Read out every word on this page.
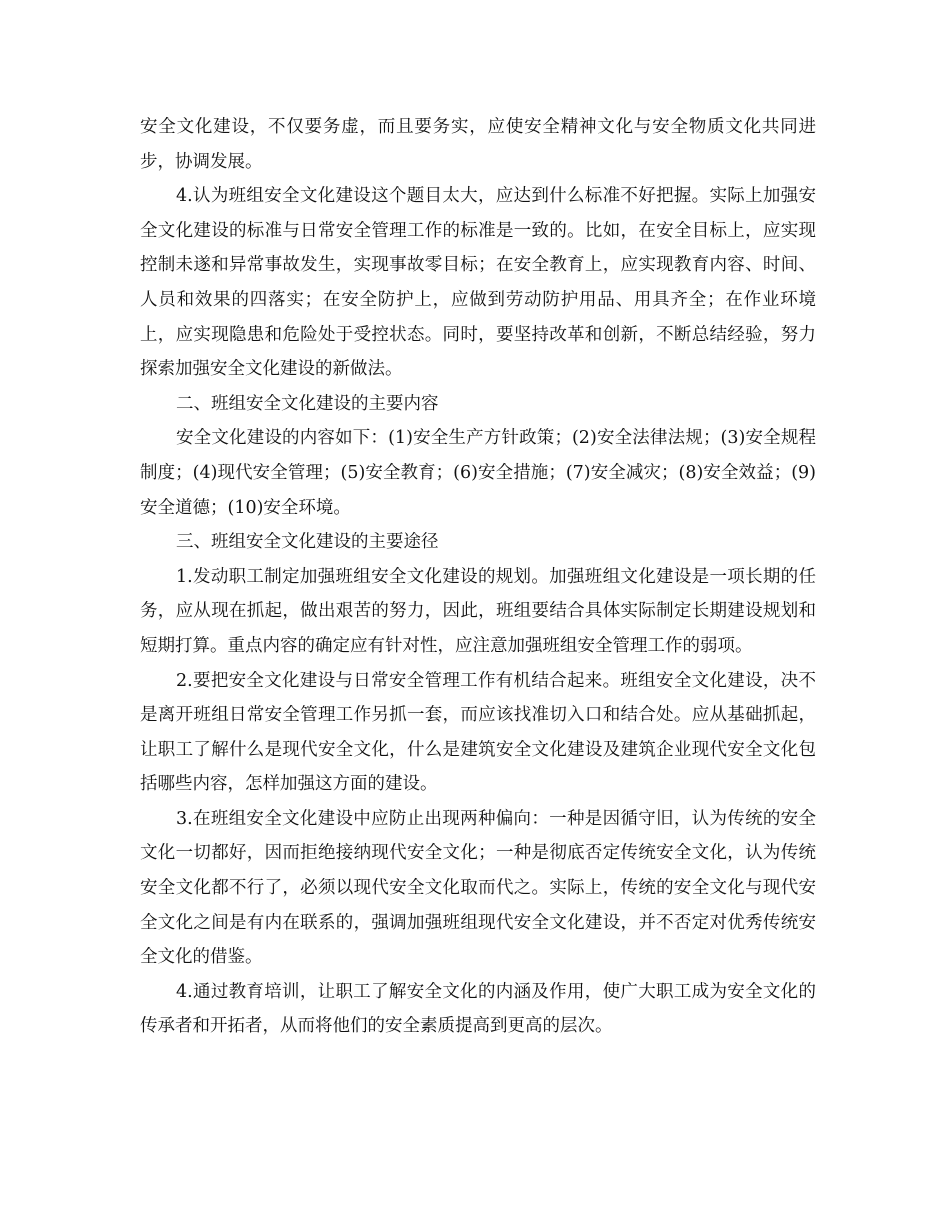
安全文化建设，不仅要务虚，而且要务实，应使安全精神文化与安全物质文化共同进步，协调发展。

4.认为班组安全文化建设这个题目太大，应达到什么标准不好把握。实际上加强安全文化建设的标准与日常安全管理工作的标准是一致的。比如，在安全目标上，应实现控制未遂和异常事故发生，实现事故零目标；在安全教育上，应实现教育内容、时间、人员和效果的四落实；在安全防护上，应做到劳动防护用品、用具齐全；在作业环境上，应实现隐患和危险处于受控状态。同时，要坚持改革和创新，不断总结经验，努力探索加强安全文化建设的新做法。

二、班组安全文化建设的主要内容

安全文化建设的内容如下：(1)安全生产方针政策；(2)安全法律法规；(3)安全规程制度；(4)现代安全管理；(5)安全教育；(6)安全措施；(7)安全减灾；(8)安全效益；(9)安全道德；(10)安全环境。

三、班组安全文化建设的主要途径

1.发动职工制定加强班组安全文化建设的规划。加强班组文化建设是一项长期的任务，应从现在抓起，做出艰苦的努力，因此，班组要结合具体实际制定长期建设规划和短期打算。重点内容的确定应有针对性，应注意加强班组安全管理工作的弱项。

2.要把安全文化建设与日常安全管理工作有机结合起来。班组安全文化建设，决不是离开班组日常安全管理工作另抓一套，而应该找准切入口和结合处。应从基础抓起，让职工了解什么是现代安全文化，什么是建筑安全文化建设及建筑企业现代安全文化包括哪些内容，怎样加强这方面的建设。

3.在班组安全文化建设中应防止出现两种偏向：一种是因循守旧，认为传统的安全文化一切都好，因而拒绝接纳现代安全文化；一种是彻底否定传统安全文化，认为传统安全文化都不行了，必须以现代安全文化取而代之。实际上，传统的安全文化与现代安全文化之间是有内在联系的，强调加强班组现代安全文化建设，并不否定对优秀传统安全文化的借鉴。

4.通过教育培训，让职工了解安全文化的内涵及作用，使广大职工成为安全文化的传承者和开拓者，从而将他们的安全素质提高到更高的层次。
